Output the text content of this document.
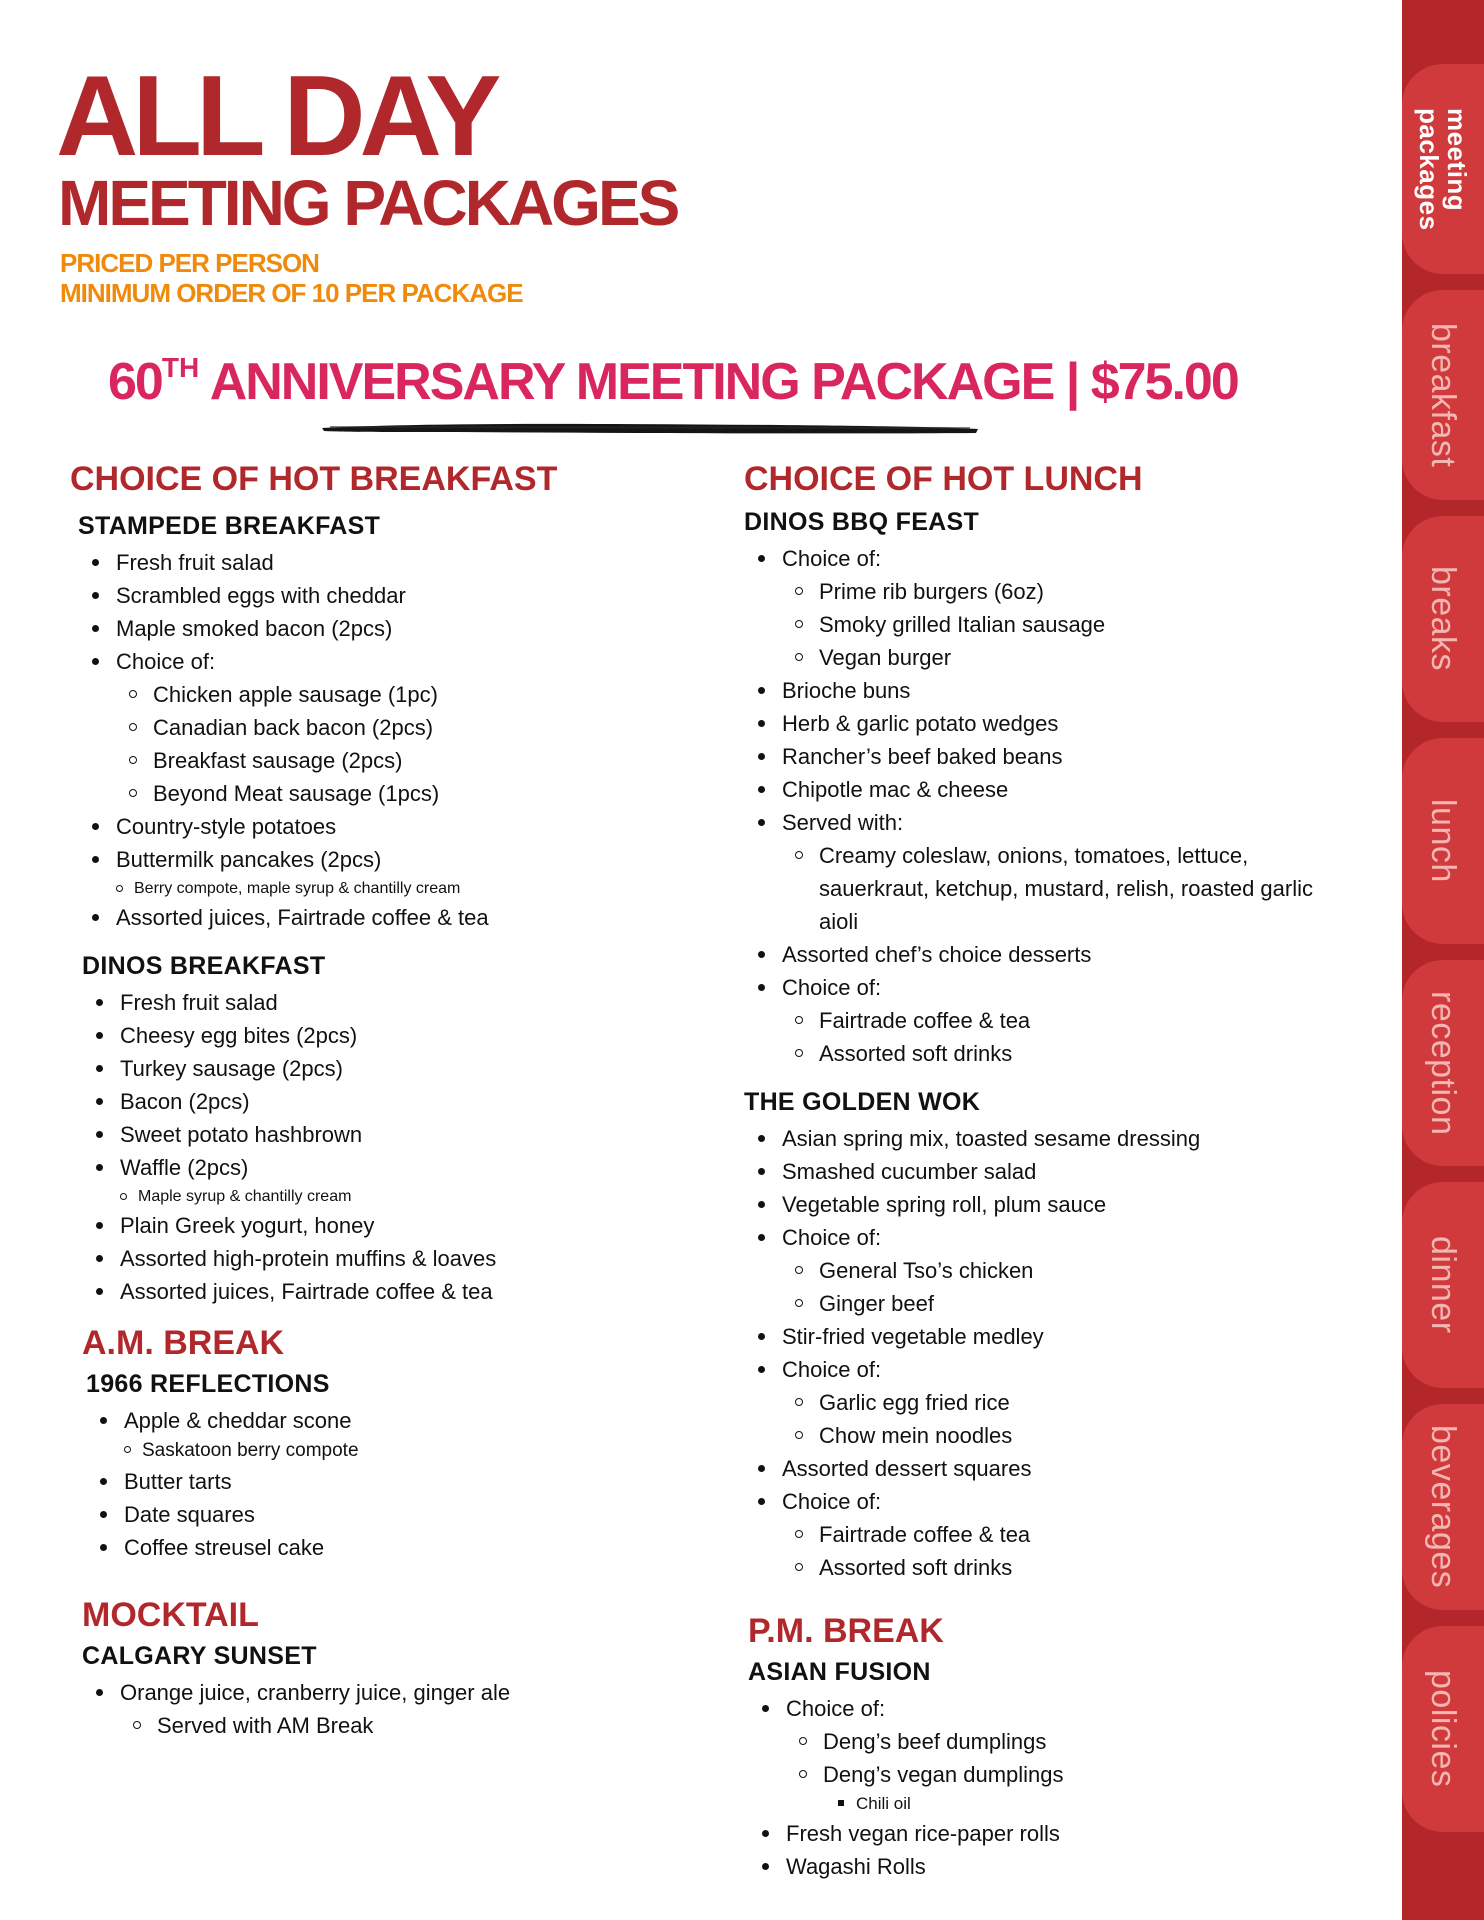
ALL DAY
MEETING PACKAGES

PRICED PER PERSON

MINIMUM ORDER OF 10 PER PACKAGE

60TH ANNIVERSARY MEETING PACKAGE | $75.00
CHOICE OF HOT BREAKFAST
STAMPEDE BREAKFAST
Fresh fruit salad
Scrambled eggs with cheddar
Maple smoked bacon (2pcs)
Choice of:
Chicken apple sausage (1pc)
Canadian back bacon (2pcs)
Breakfast sausage (2pcs)
Beyond Meat sausage (1pcs)
Country-style potatoes
Buttermilk pancakes (2pcs)
Berry compote, maple syrup & chantilly cream
Assorted juices, Fairtrade coffee & tea
DINOS BREAKFAST
Fresh fruit salad
Cheesy egg bites (2pcs)
Turkey sausage (2pcs)
Bacon (2pcs)
Sweet potato hashbrown
Waffle (2pcs)
Maple syrup & chantilly cream
Plain Greek yogurt, honey
Assorted high-protein muffins & loaves
Assorted juices, Fairtrade coffee & tea
A.M. BREAK
1966 REFLECTIONS
Apple & cheddar scone
Saskatoon berry compote
Butter tarts
Date squares
Coffee streusel cake
MOCKTAIL
CALGARY SUNSET
Orange juice, cranberry juice, ginger ale
Served with AM Break
CHOICE OF HOT LUNCH
DINOS BBQ FEAST
Choice of:
Prime rib burgers (6oz)
Smoky grilled Italian sausage
Vegan burger
Brioche buns
Herb & garlic potato wedges
Rancher’s beef baked beans
Chipotle mac & cheese
Served with:
Creamy coleslaw, onions, tomatoes, lettuce, sauerkraut, ketchup, mustard, relish, roasted garlic aioli
Assorted chef’s choice desserts
Choice of:
Fairtrade coffee & tea
Assorted soft drinks
THE GOLDEN WOK
Asian spring mix, toasted sesame dressing
Smashed cucumber salad
Vegetable spring roll, plum sauce
Choice of:
General Tso’s chicken
Ginger beef
Stir-fried vegetable medley
Choice of:
Garlic egg fried rice
Chow mein noodles
Assorted dessert squares
Choice of:
Fairtrade coffee & tea
Assorted soft drinks
P.M. BREAK
ASIAN FUSION
Choice of:
Deng’s beef dumplings
Deng’s vegan dumplings
Chili oil
Fresh vegan rice-paper rolls
Wagashi Rolls
meeting
packages
breakfast
breaks
lunch
reception
dinner
beverages
policies
